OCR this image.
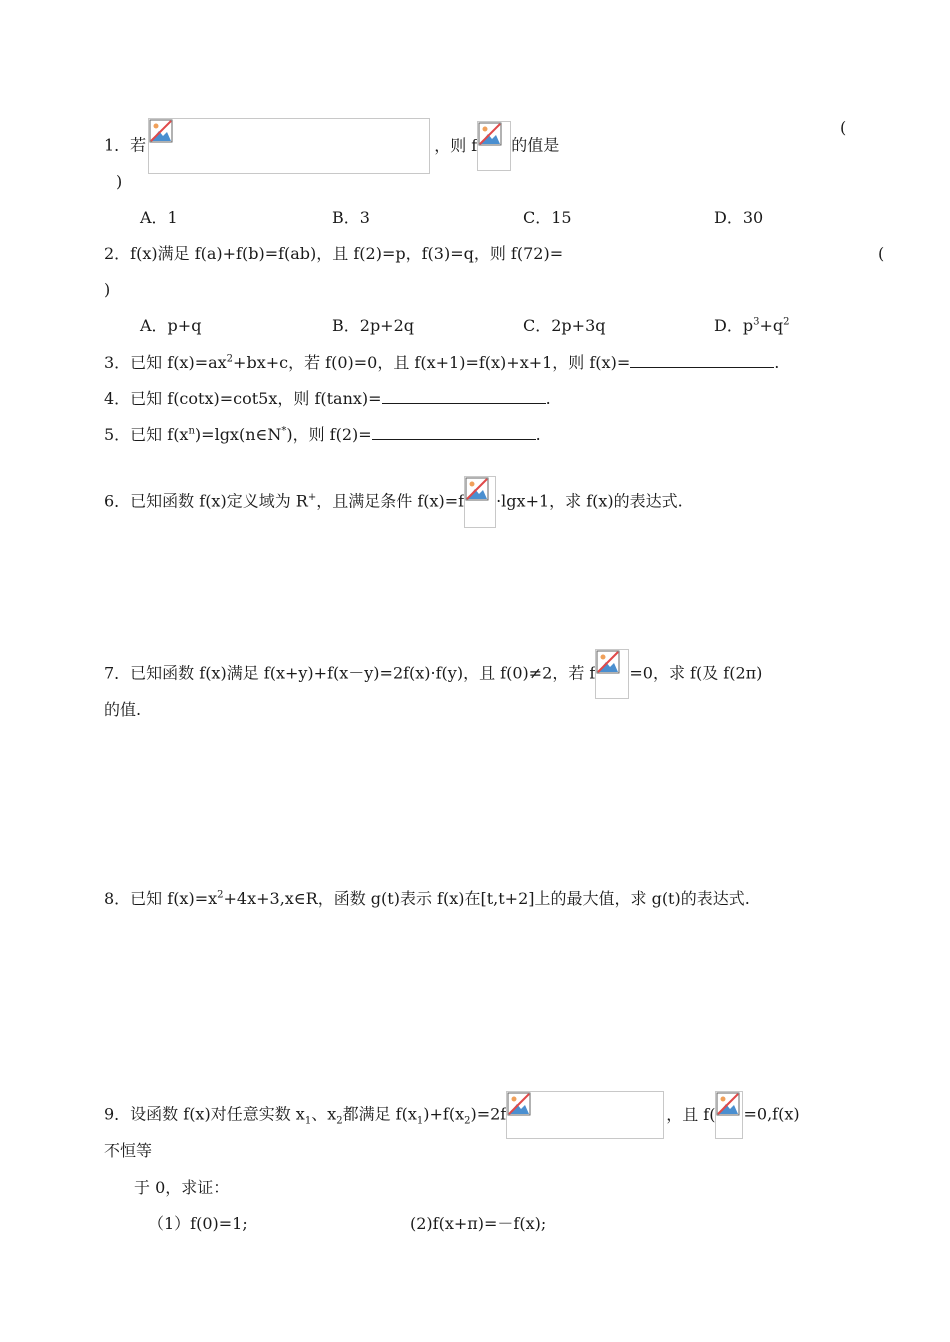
1．若	，则 f 的值是
(
)
A．1	B．3	C．15	D．30
2．f(x)满足 f(a)+f(b)=f(ab)，且 f(2)=p，f(3)=q，则 f(72)=	(
)
A．p+q	B．2p+2q	C．2p+3q	D．$p^3+q^2$
3．已知 $f(x)=ax^2+bx+c$，若 f(0)=0，且 f(x+1)=f(x)+x+1，则 f(x)=	.
4．已知 f(cotx)=cot5x，则 f(tanx)=	.
5．已知 $f(x^n)=\lg x(n\in N^*)$，则 f(2)=	.
6．已知函数 f(x)定义域为 R+，且满足条件 f(x)=f ·lgx+1，求 f(x)的表达式.
7．已知函数 f(x)满足 f(x+y)+f(x－y)=2f(x)·f(y)，且 f(0)≠2，若 f =0，求 f(及 f(2π)
的值.
8．已知 $f(x)=x^2+4x+3,x\in R$，函数 g(t)表示 f(x)在[t,t+2]上的最大值，求 g(t)的表达式.
9．设函数 f(x)对任意实数 $x_1$、$x_2$都满足 $f(x_1)+f(x_2)=2f$	，且 f( =0,f(x)
不恒等
于 0，求证：
（1）f(0)=1;	(2)f(x+π)=－f(x);
